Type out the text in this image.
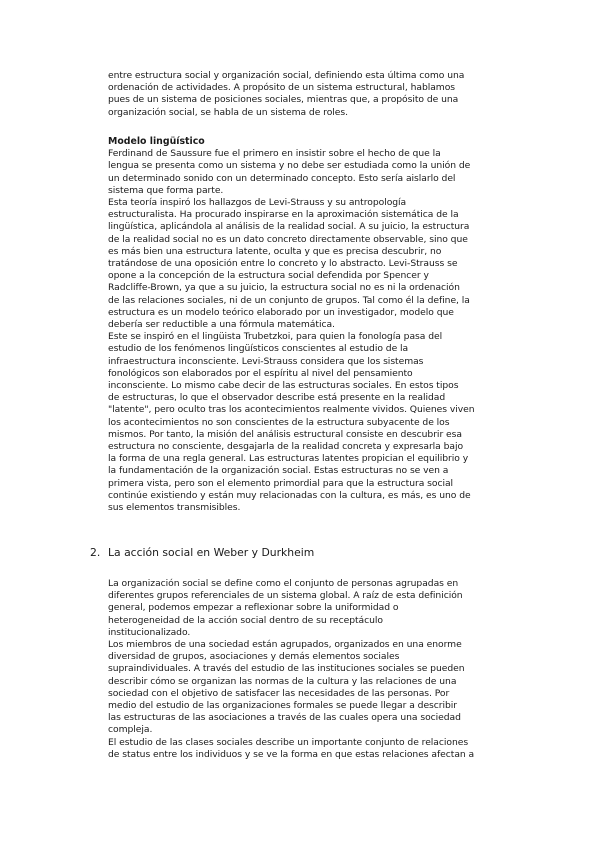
entre estructura social y organización social, definiendo esta última como una
ordenación de actividades. A propósito de un sistema estructural, hablamos
pues de un sistema de posiciones sociales, mientras que, a propósito de una
organización social, se habla de un sistema de roles.
Modelo lingüístico
Ferdinand de Saussure fue el primero en insistir sobre el hecho de que la
lengua se presenta como un sistema y no debe ser estudiada como la unión de
un determinado sonido con un determinado concepto. Esto sería aislarlo del
sistema que forma parte.
Esta teoría inspiró los hallazgos de Levi-Strauss y su antropología
estructuralista. Ha procurado inspirarse en la aproximación sistemática de la
lingüística, aplicándola al análisis de la realidad social. A su juicio, la estructura
de la realidad social no es un dato concreto directamente observable, sino que
es más bien una estructura latente, oculta y que es precisa descubrir, no
tratándose de una oposición entre lo concreto y lo abstracto. Levi-Strauss se
opone a la concepción de la estructura social defendida por Spencer y
Radcliffe-Brown, ya que a su juicio, la estructura social no es ni la ordenación
de las relaciones sociales, ni de un conjunto de grupos. Tal como él la define, la
estructura es un modelo teórico elaborado por un investigador, modelo que
debería ser reductible a una fórmula matemática.
Este se inspiró en el lingüista Trubetzkoi, para quien la fonología pasa del
estudio de los fenómenos lingüísticos conscientes al estudio de la
infraestructura inconsciente. Levi-Strauss considera que los sistemas
fonológicos son elaborados por el espíritu al nivel del pensamiento
inconsciente. Lo mismo cabe decir de las estructuras sociales. En estos tipos
de estructuras, lo que el observador describe está presente en la realidad
"latente", pero oculto tras los acontecimientos realmente vividos. Quienes viven
los acontecimientos no son conscientes de la estructura subyacente de los
mismos. Por tanto, la misión del análisis estructural consiste en descubrir esa
estructura no consciente, desgajarla de la realidad concreta y expresarla bajo
la forma de una regla general. Las estructuras latentes propician el equilibrio y
la fundamentación de la organización social. Estas estructuras no se ven a
primera vista, pero son el elemento primordial para que la estructura social
continúe existiendo y están muy relacionadas con la cultura, es más, es uno de
sus elementos transmisibles.
2. La acción social en Weber y Durkheim
La organización social se define como el conjunto de personas agrupadas en
diferentes grupos referenciales de un sistema global. A raíz de esta definición
general, podemos empezar a reflexionar sobre la uniformidad o
heterogeneidad de la acción social dentro de su receptáculo
institucionalizado.
Los miembros de una sociedad están agrupados, organizados en una enorme
diversidad de grupos, asociaciones y demás elementos sociales
supraindividuales. A través del estudio de las instituciones sociales se pueden
describir cómo se organizan las normas de la cultura y las relaciones de una
sociedad con el objetivo de satisfacer las necesidades de las personas. Por
medio del estudio de las organizaciones formales se puede llegar a describir
las estructuras de las asociaciones a través de las cuales opera una sociedad
compleja.
El estudio de las clases sociales describe un importante conjunto de relaciones
de status entre los individuos y se ve la forma en que estas relaciones afectan a
